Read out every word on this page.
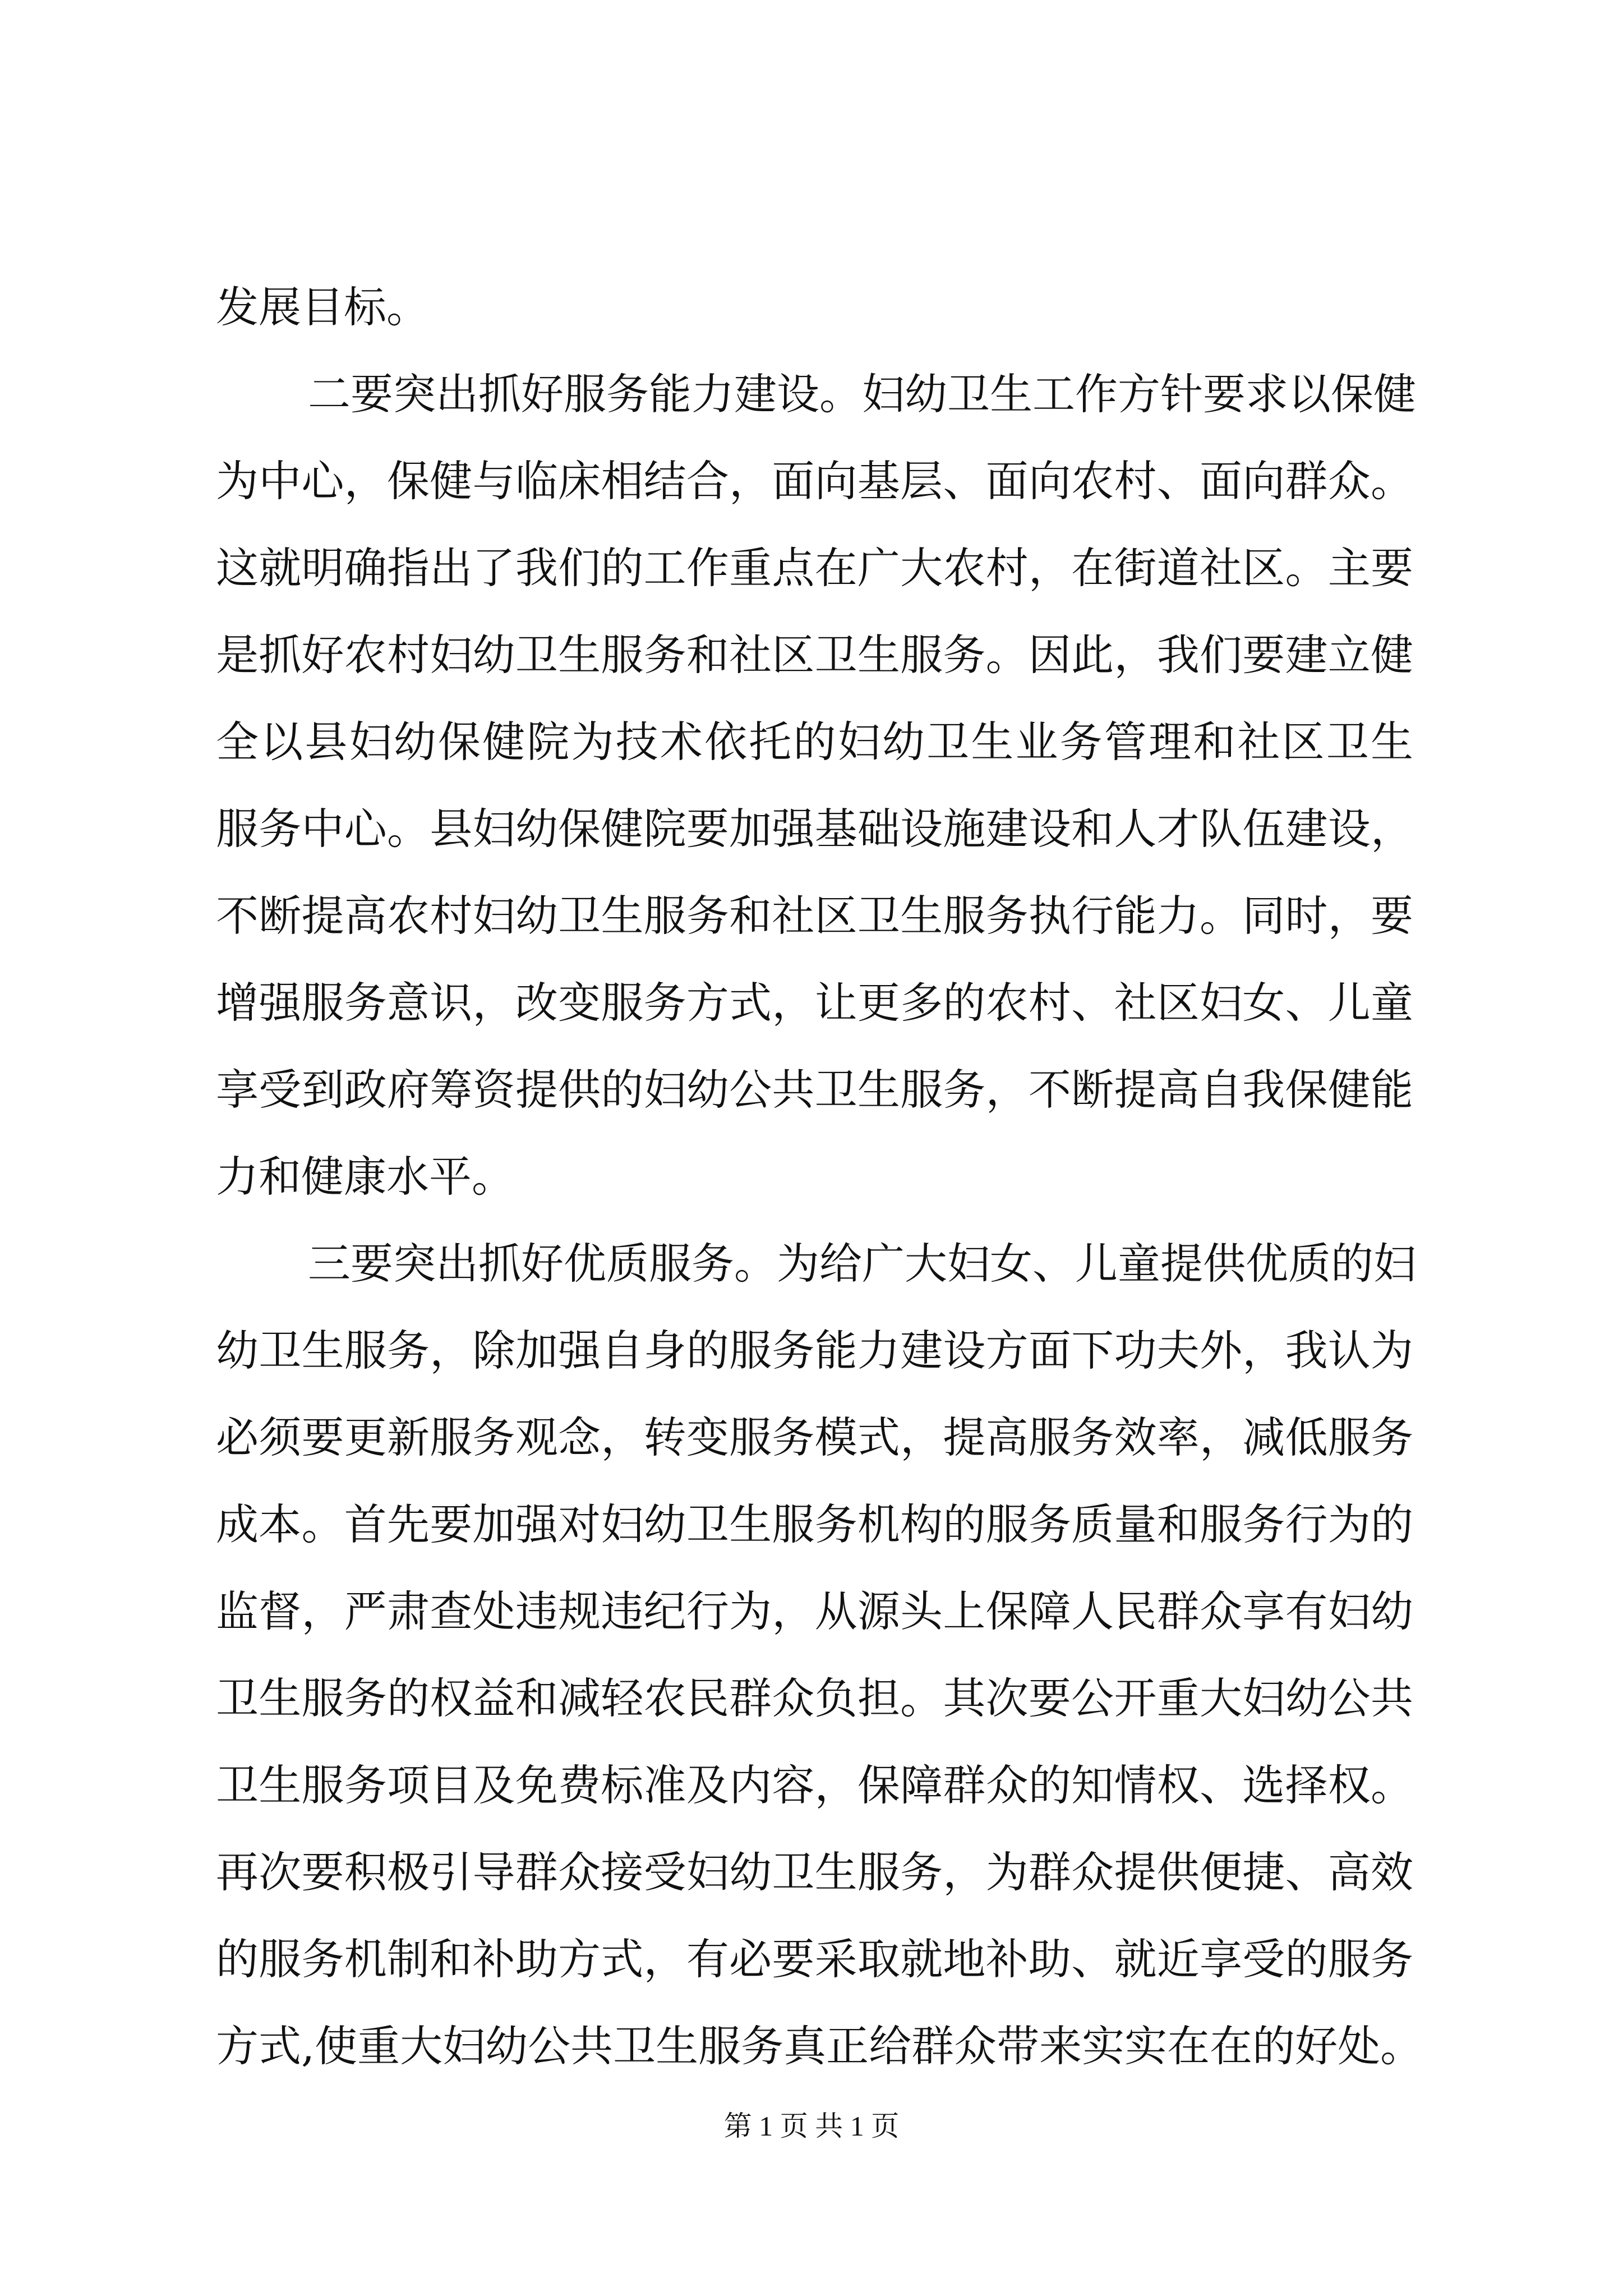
发展目标。
二要突出抓好服务能力建设。妇幼卫生工作方针要求以保健
为中心，保健与临床相结合，面向基层、面向农村、面向群众。
这就明确指出了我们的工作重点在广大农村，在街道社区。主要
是抓好农村妇幼卫生服务和社区卫生服务。因此，我们要建立健
全以县妇幼保健院为技术依托的妇幼卫生业务管理和社区卫生
服务中心。县妇幼保健院要加强基础设施建设和人才队伍建设，
不断提高农村妇幼卫生服务和社区卫生服务执行能力。同时，要
增强服务意识，改变服务方式，让更多的农村、社区妇女、儿童
享受到政府筹资提供的妇幼公共卫生服务，不断提高自我保健能
力和健康水平。
三要突出抓好优质服务。为给广大妇女、儿童提供优质的妇
幼卫生服务，除加强自身的服务能力建设方面下功夫外，我认为
必须要更新服务观念，转变服务模式，提高服务效率，减低服务
成本。首先要加强对妇幼卫生服务机构的服务质量和服务行为的
监督，严肃查处违规违纪行为，从源头上保障人民群众享有妇幼
卫生服务的权益和减轻农民群众负担。其次要公开重大妇幼公共
卫生服务项目及免费标准及内容，保障群众的知情权、选择权。
再次要积极引导群众接受妇幼卫生服务，为群众提供便捷、高效
的服务机制和补助方式，有必要采取就地补助、就近享受的服务
方式,使重大妇幼公共卫生服务真正给群众带来实实在在的好处。
第 1 页 共 1 页
